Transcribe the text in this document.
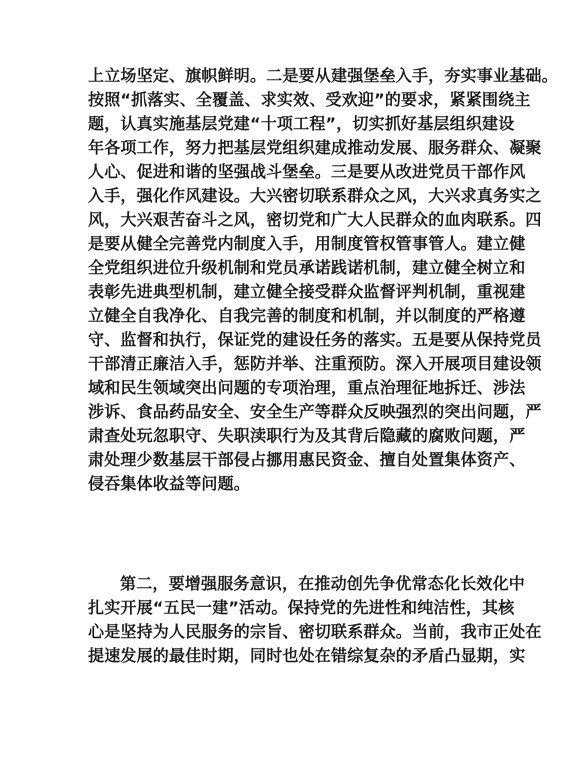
上立场坚定、旗帜鲜明。二是要从建强堡垒入手，夯实事业基础。
按照“抓落实、全覆盖、求实效、受欢迎”的要求，紧紧围绕主
题，认真实施基层党建“十项工程”，切实抓好基层组织建设
年各项工作，努力把基层党组织建成推动发展、服务群众、凝聚
人心、促进和谐的坚强战斗堡垒。三是要从改进党员干部作风
入手，强化作风建设。大兴密切联系群众之风，大兴求真务实之
风，大兴艰苦奋斗之风，密切党和广大人民群众的血肉联系。四
是要从健全完善党内制度入手，用制度管权管事管人。建立健
全党组织进位升级机制和党员承诺践诺机制，建立健全树立和
表彰先进典型机制，建立健全接受群众监督评判机制，重视建
立健全自我净化、自我完善的制度和机制，并以制度的严格遵
守、监督和执行，保证党的建设任务的落实。五是要从保持党员
干部清正廉洁入手，惩防并举、注重预防。深入开展项目建设领
域和民生领域突出问题的专项治理，重点治理征地拆迁、涉法
涉诉、食品药品安全、安全生产等群众反映强烈的突出问题，严
肃查处玩忽职守、失职渎职行为及其背后隐藏的腐败问题，严
肃处理少数基层干部侵占挪用惠民资金、擅自处置集体资产、
侵吞集体收益等问题。
第二，要增强服务意识，在推动创先争优常态化长效化中
扎实开展“五民一建”活动。保持党的先进性和纯洁性，其核
心是坚持为人民服务的宗旨、密切联系群众。当前，我市正处在
提速发展的最佳时期，同时也处在错综复杂的矛盾凸显期，实
